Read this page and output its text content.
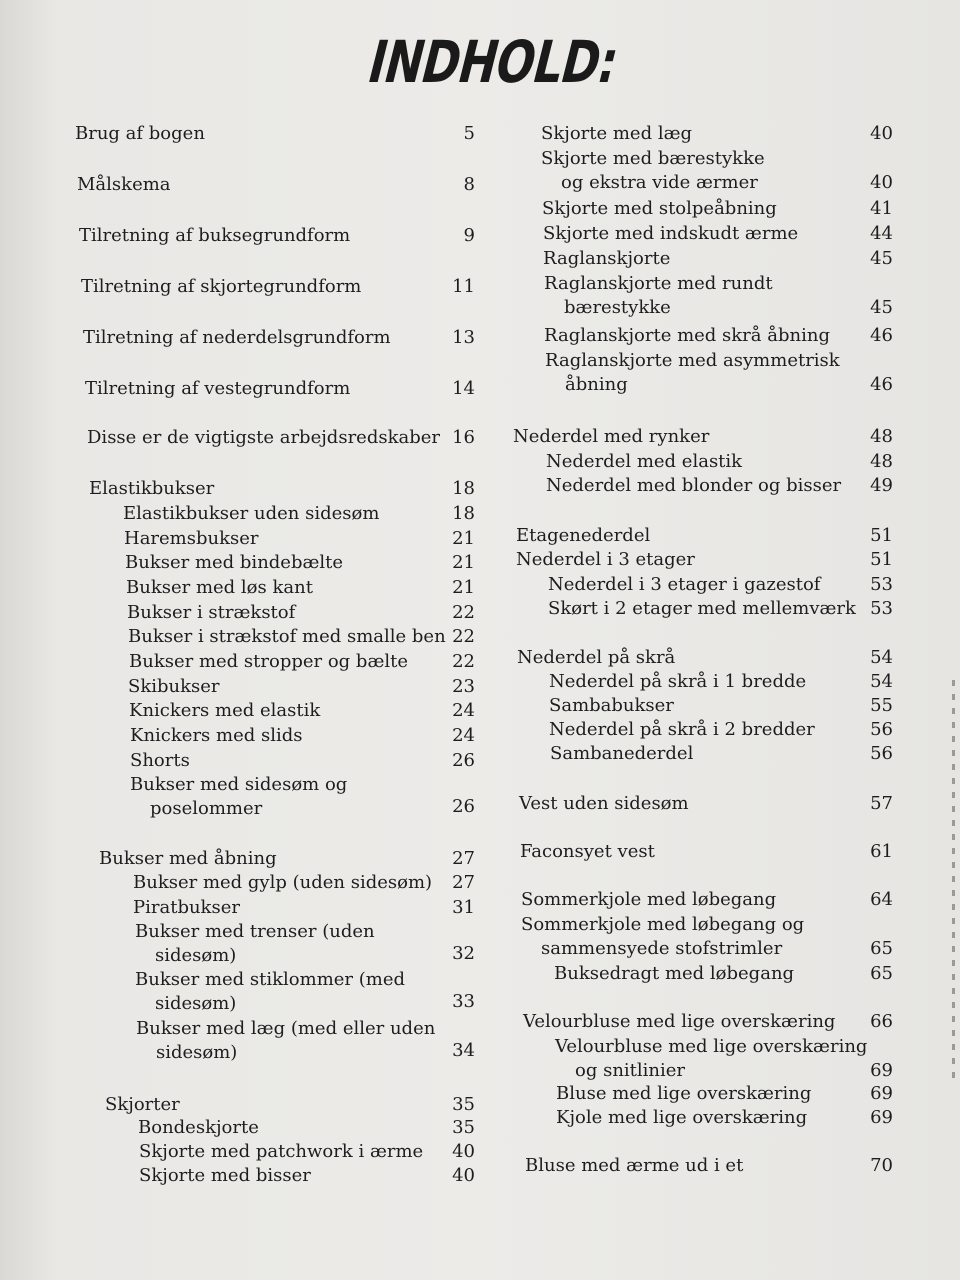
INDHOLD:
Brug af bogen	5
Målskema	8
Tilretning af buksegrundform	9
Tilretning af skjortegrundform	11
Tilretning af nederdelsgrundform	13
Tilretning af vestegrundform	14
Disse er de vigtigste arbejdsredskaber 16
Elastikbukser	18
Elastikbukser uden sidesøm	18
Haremsbukser	21
Bukser med bindebælte	21
Bukser med løs kant	21
Bukser i strækstof	22
Bukser i strækstof med smalle ben 22
Bukser med stropper og bælte 22
Skibukser	23
Knickers med elastik	24
Knickers med slids	24
Shorts	26
Bukser med sidesøm og
poselommer	26
Bukser med åbning	27
Bukser med gylp (uden sidesøm) 27
Piratbukser	31
Bukser med trenser (uden
sidesøm)	32
Bukser med stiklommer (med
sidesøm)	33
Bukser med læg (med eller uden
sidesøm)	34
Skjorter	35
Bondeskjorte	35
Skjorte med patchwork i ærme 40
Skjorte med bisser	40
Skjorte med læg	40
Skjorte med bærestykke
og ekstra vide ærmer	40
Skjorte med stolpeåbning	41
Skjorte med indskudt ærme	44
Raglanskjorte	45
Raglanskjorte med rundt
bærestykke	45
Raglanskjorte med skrå åbning 46
Raglanskjorte med asymmetrisk
åbning	46
Nederdel med rynker	48
Nederdel med elastik	48
Nederdel med blonder og bisser 49
Etagenederdel	51
Nederdel i 3 etager	51
Nederdel i 3 etager i gazestof	53
Skørt i 2 etager med mellemværk 53
Nederdel på skrå	54
Nederdel på skrå i 1 bredde	54
Sambabukser	55
Nederdel på skrå i 2 bredder	56
Sambanederdel	56
Vest uden sidesøm	57
Faconsyet vest	61
Sommerkjole med løbegang	64
Sommerkjole med løbegang og
sammensyede stofstrimler	65
Buksedragt med løbegang	65
Velourbluse med lige overskæring 66
Velourbluse med lige overskæring
og snitlinier	69
Bluse med lige overskæring	69
Kjole med lige overskæring	69
Bluse med ærme ud i et	70
